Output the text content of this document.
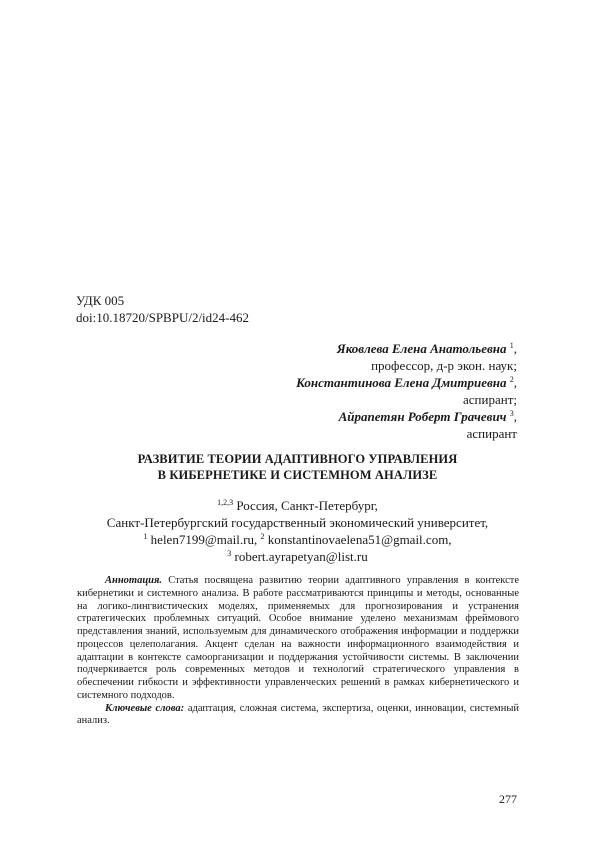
УДК 005
doi:10.18720/SPBPU/2/id24-462
Яковлева Елена Анатольевна $^1$,
профессор, д-р экон. наук;
Константинова Елена Дмитриевна $^2$,
аспирант;
Айрапетян Роберт Грачевич $^3$,
аспирант
РАЗВИТИЕ ТЕОРИИ АДАПТИВНОГО УПРАВЛЕНИЯ
В КИБЕРНЕТИКЕ И СИСТЕМНОМ АНАЛИЗЕ
$^{1,2,3}$ Россия, Санкт-Петербург,
Санкт-Петербургский государственный экономический университет,
$^1$ helen7199@mail.ru, $^2$ konstantinovaelena51@gmail.com,
$^3$ robert.ayrapetyan@list.ru

Аннотация. Статья посвящена развитию теории адаптивного управления в контексте кибернетики и системного анализа. В работе рассматриваются принципы и методы, основанные на логико-лингвистических моделях, применяемых для прогнозирования и устранения стратегических проблемных ситуаций. Особое внимание уделено механизмам фреймового представления знаний, используемым для динамического отображения информации и поддержки процессов целеполагания. Акцент сделан на важности информационного взаимодействия и адаптации в контексте самоорганизации и поддержания устойчивости системы. В заключении подчеркивается роль современных методов и технологий стратегического управления в обеспечении гибкости и эффективности управленческих решений в рамках кибернетического и системного подходов.

Ключевые слова: адаптация, сложная система, экспертиза, оценки, инновации, системный анализ.

277
